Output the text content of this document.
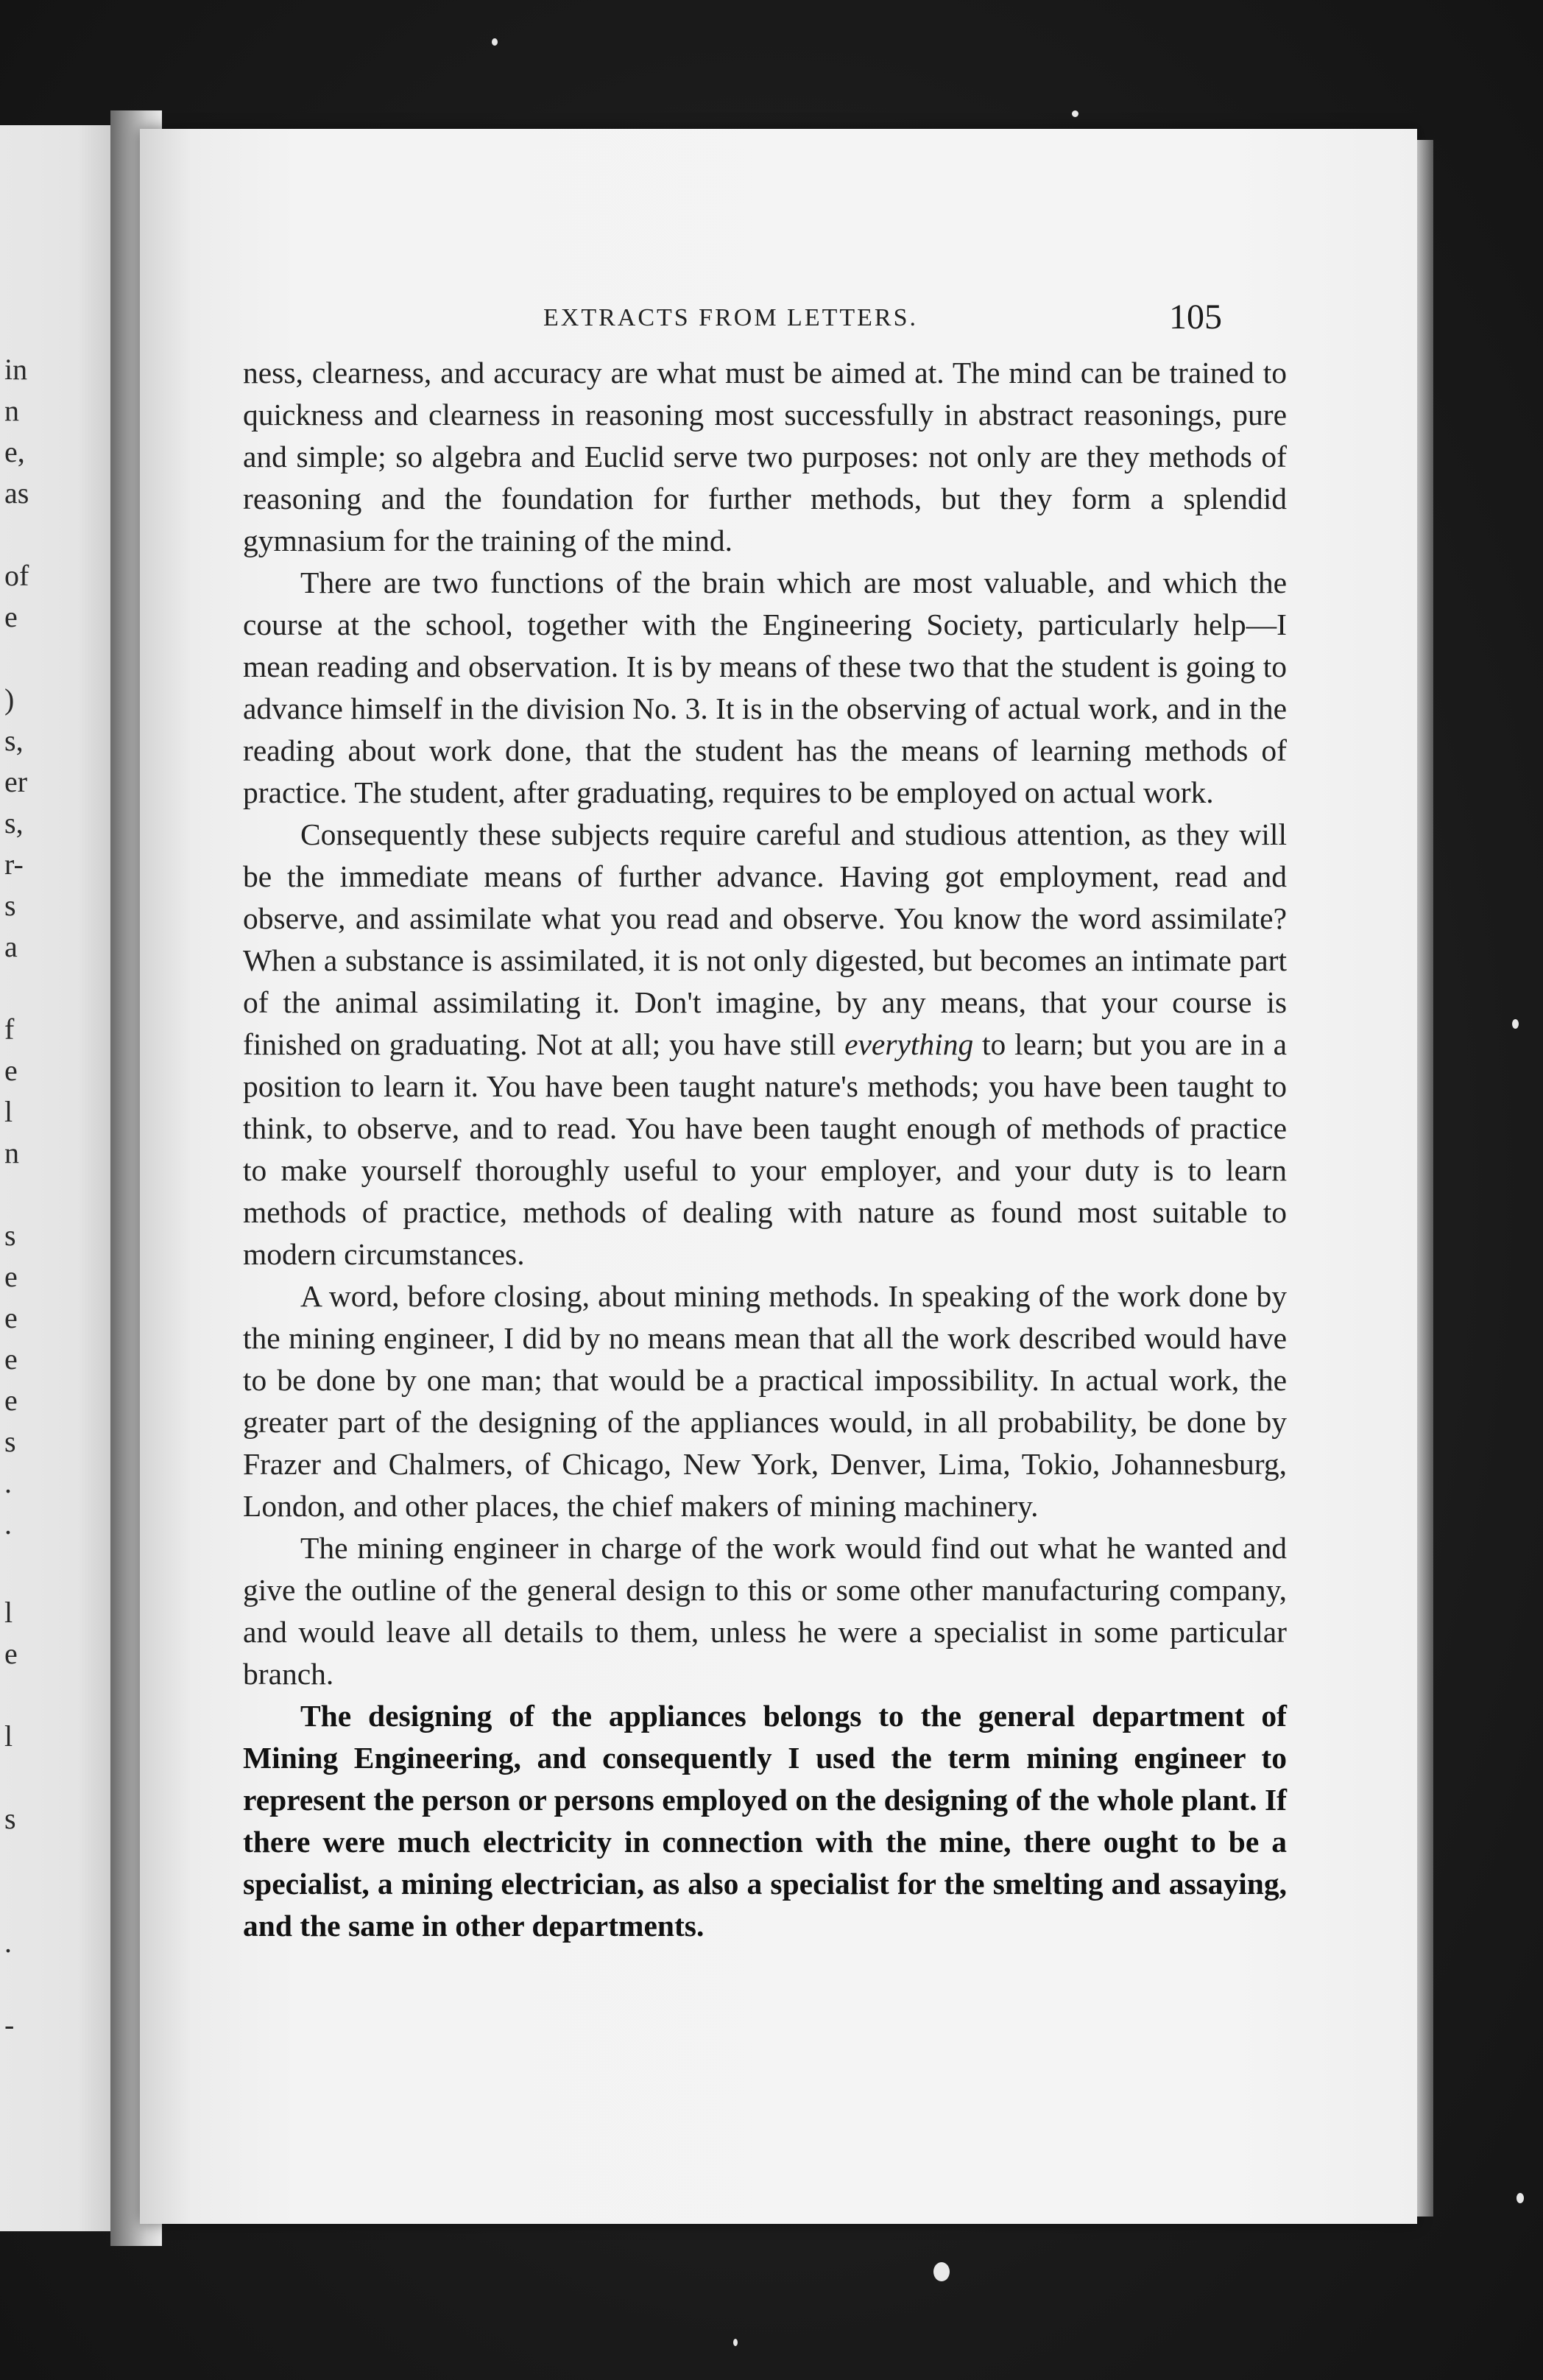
in
n
e,
as
of
e
)
s,
er
s,
r-
s
a
f
e
l
n
s
e
e
e
e
s
.
.
l
e
l
s
.
-
EXTRACTS FROM LETTERS.	105

ness, clearness, and accuracy are what must be aimed at. The mind can be trained to quickness and clearness in reasoning most successfully in abstract reasonings, pure and simple; so algebra and Euclid serve two purposes: not only are they methods of reasoning and the foundation for further methods, but they form a splendid gymnasium for the training of the mind.

There are two functions of the brain which are most valuable, and which the course at the school, together with the Engineering Society, particularly help—I mean reading and observation. It is by means of these two that the student is going to advance himself in the division No. 3. It is in the observing of actual work, and in the reading about work done, that the student has the means of learning methods of practice. The student, after graduating, requires to be employed on actual work.

Consequently these subjects require careful and studious attention, as they will be the immediate means of further advance. Having got employment, read and observe, and assimilate what you read and observe. You know the word assimilate? When a substance is assimilated, it is not only digested, but becomes an intimate part of the animal assimilating it. Don't imagine, by any means, that your course is finished on graduating. Not at all; you have still everything to learn; but you are in a position to learn it. You have been taught nature's methods; you have been taught to think, to observe, and to read. You have been taught enough of methods of practice to make yourself thoroughly useful to your employer, and your duty is to learn methods of practice, methods of dealing with nature as found most suitable to modern circumstances.

A word, before closing, about mining methods. In speaking of the work done by the mining engineer, I did by no means mean that all the work described would have to be done by one man; that would be a practical impossibility. In actual work, the greater part of the designing of the appliances would, in all probability, be done by Frazer and Chalmers, of Chicago, New York, Denver, Lima, Tokio, Johannesburg, London, and other places, the chief makers of mining machinery.

The mining engineer in charge of the work would find out what he wanted and give the outline of the general design to this or some other manufacturing company, and would leave all details to them, unless he were a specialist in some particular branch.

The designing of the appliances belongs to the general department of Mining Engineering, and consequently I used the term mining engineer to represent the person or persons employed on the designing of the whole plant. If there were much electricity in connection with the mine, there ought to be a specialist, a mining electrician, as also a specialist for the smelting and assaying, and the same in other departments.
